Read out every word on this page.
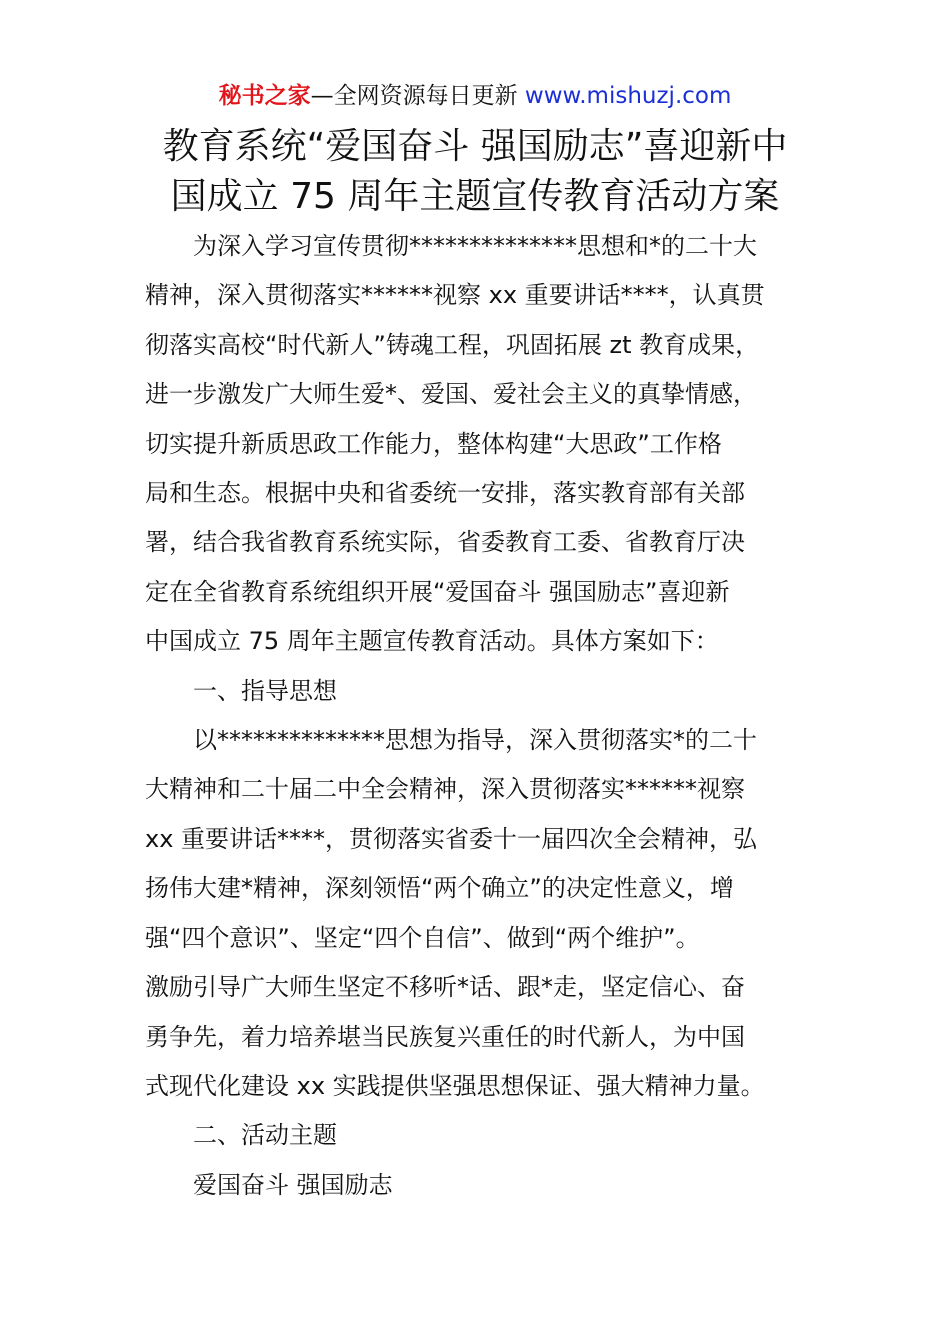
秘书之家—全网资源每日更新 www.mishuzj.com
教育系统“爱国奋斗 强国励志”喜迎新中
国成立 75 周年主题宣传教育活动方案

为深入学习宣传贯彻**************思想和*的二十大
精神，深入贯彻落实******视察 xx 重要讲话****，认真贯
彻落实高校“时代新人”铸魂工程，巩固拓展 zt 教育成果，
进一步激发广大师生爱*、爱国、爱社会主义的真挚情感，
切实提升新质思政工作能力，整体构建“大思政”工作格
局和生态。根据中央和省委统一安排，落实教育部有关部
署，结合我省教育系统实际，省委教育工委、省教育厅决
定在全省教育系统组织开展“爱国奋斗 强国励志”喜迎新
中国成立 75 周年主题宣传教育活动。具体方案如下：

一、指导思想

以**************思想为指导，深入贯彻落实*的二十
大精神和二十届二中全会精神，深入贯彻落实******视察
xx 重要讲话****，贯彻落实省委十一届四次全会精神，弘
扬伟大建*精神，深刻领悟“两个确立”的决定性意义，增
强“四个意识”、坚定“四个自信”、做到“两个维护”。
激励引导广大师生坚定不移听*话、跟*走，坚定信心、奋
勇争先，着力培养堪当民族复兴重任的时代新人，为中国
式现代化建设 xx 实践提供坚强思想保证、强大精神力量。

二、活动主题

爱国奋斗 强国励志
